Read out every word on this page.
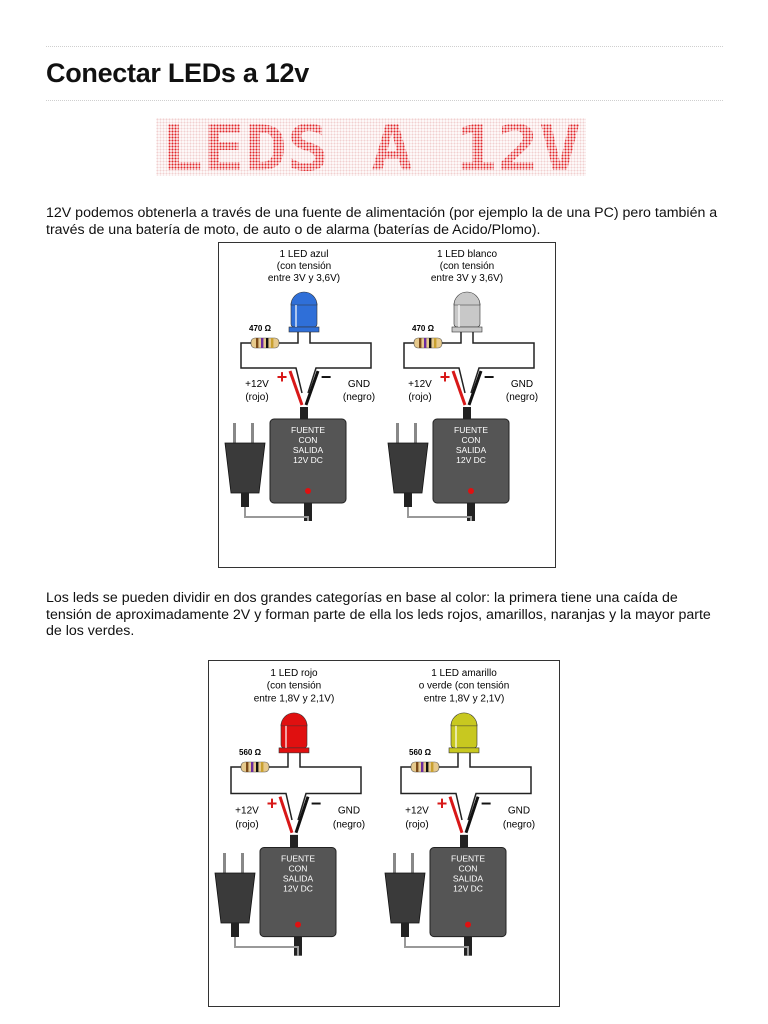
Conectar LEDs a 12v
LEDS A 12V

12V podemos obtenerla a través de una fuente de alimentación (por ejemplo la de una PC) pero también a través de una batería de moto, de auto o de alarma (baterías de Acido/Plomo).

1 LED azul
(con tensión
entre 3V y 3,6V)
470 Ω
+ −
+12V
(rojo)
GND
(negro)
FUENTE
CON
SALIDA
12V DC
1 LED blanco
(con tensión
entre 3V y 3,6V)
470 Ω
+ −
+12V
(rojo)
GND
(negro)
FUENTE
CON
SALIDA
12V DC

Los leds se pueden dividir en dos grandes categorías en base al color: la primera tiene una caída de tensión de aproximadamente 2V y forman parte de ella los leds rojos, amarillos, naranjas y la mayor parte de los verdes.

1 LED rojo
(con tensión
entre 1,8V y 2,1V)
560 Ω
+ −
+12V
(rojo)
GND
(negro)
FUENTE
CON
SALIDA
12V DC
1 LED amarillo
o verde (con tensión
entre 1,8V y 2,1V)
560 Ω
+ −
+12V
(rojo)
GND
(negro)
FUENTE
CON
SALIDA
12V DC
